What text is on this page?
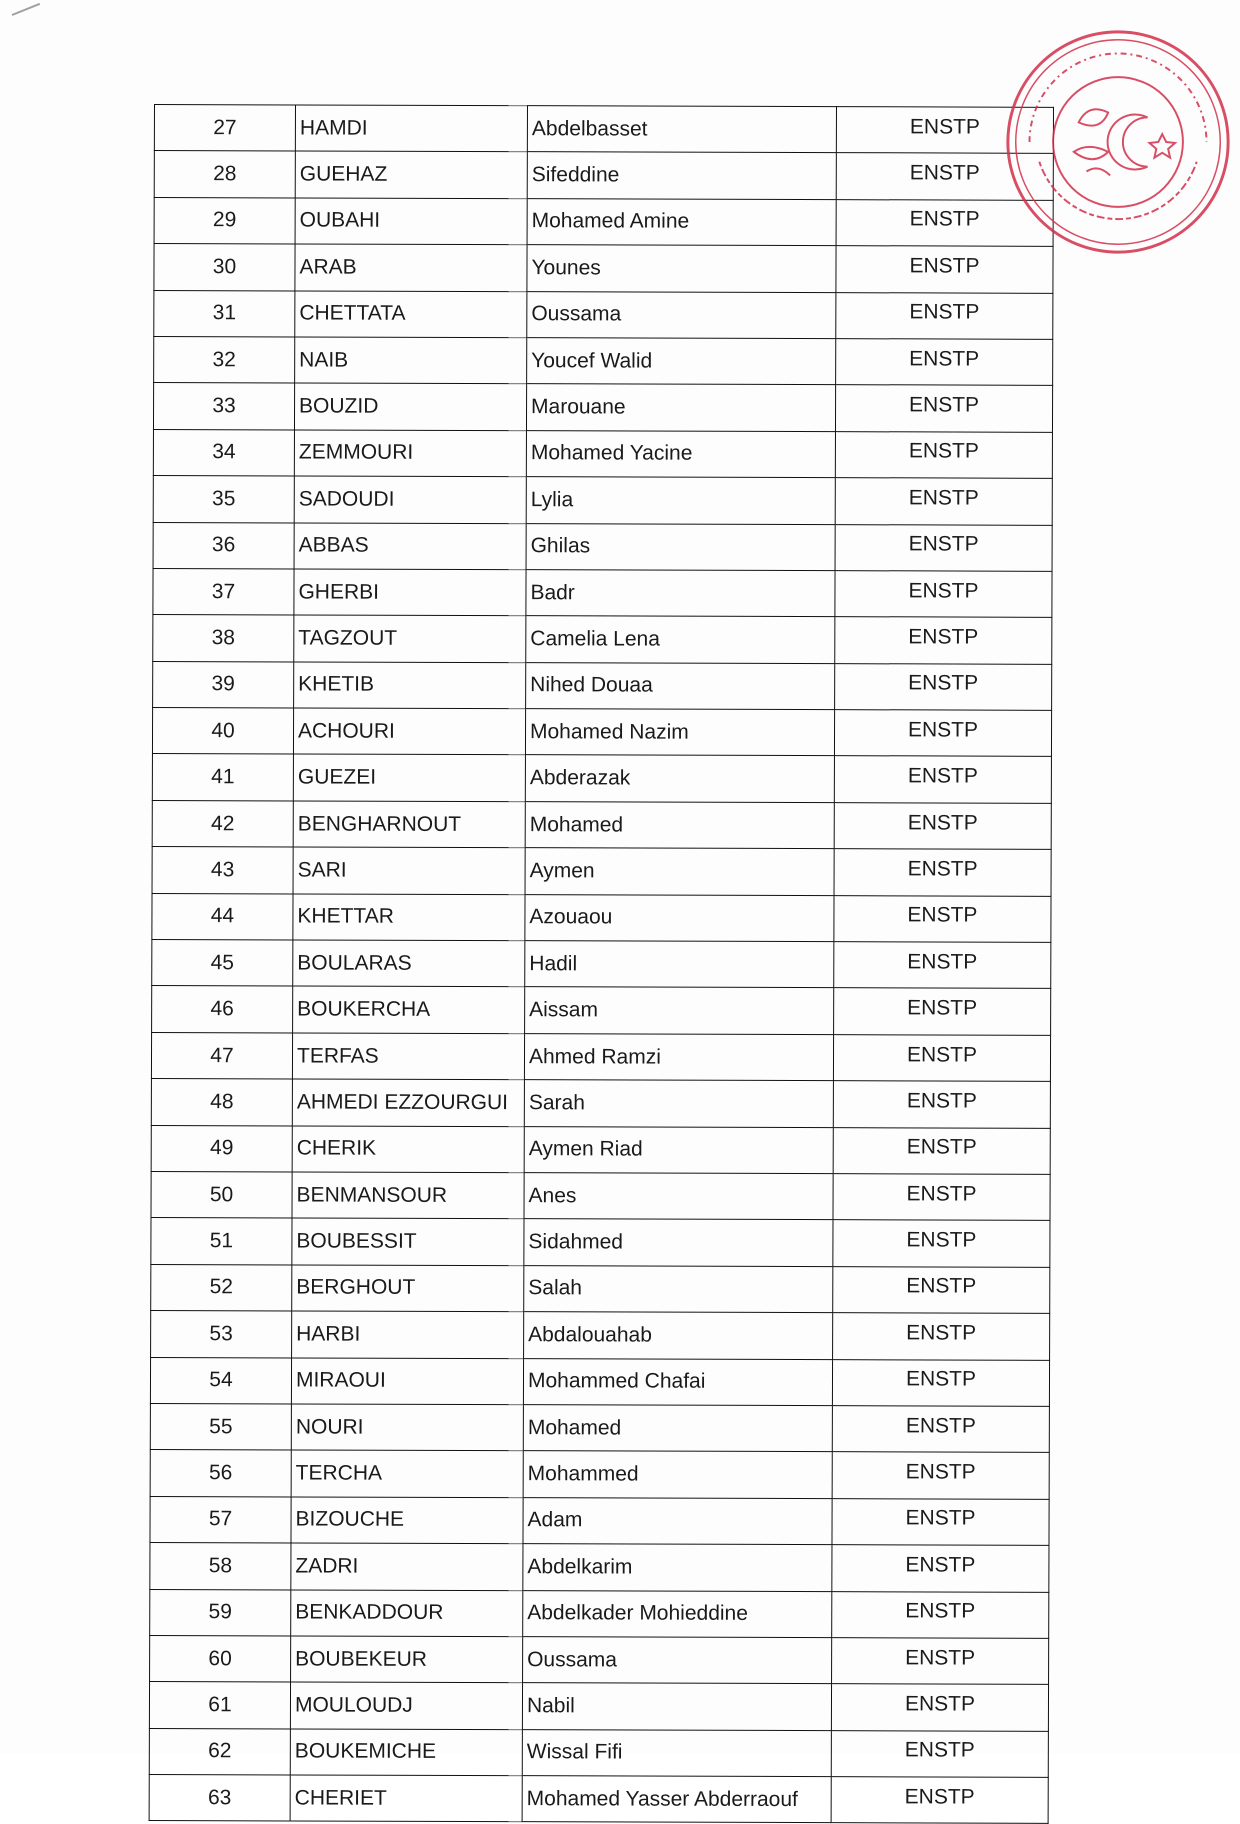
27	HAMDI	Abdelbasset	ENSTP
28	GUEHAZ	Sifeddine	ENSTP
29	OUBAHI	Mohamed Amine	ENSTP
30	ARAB	Younes	ENSTP
31	CHETTATA	Oussama	ENSTP
32	NAIB	Youcef Walid	ENSTP
33	BOUZID	Marouane	ENSTP
34	ZEMMOURI	Mohamed Yacine	ENSTP
35	SADOUDI	Lylia	ENSTP
36	ABBAS	Ghilas	ENSTP
37	GHERBI	Badr	ENSTP
38	TAGZOUT	Camelia Lena	ENSTP
39	KHETIB	Nihed Douaa	ENSTP
40	ACHOURI	Mohamed Nazim	ENSTP
41	GUEZEI	Abderazak	ENSTP
42	BENGHARNOUT	Mohamed	ENSTP
43	SARI	Aymen	ENSTP
44	KHETTAR	Azouaou	ENSTP
45	BOULARAS	Hadil	ENSTP
46	BOUKERCHA	Aissam	ENSTP
47	TERFAS	Ahmed Ramzi	ENSTP
48	AHMEDI EZZOURGUI	Sarah	ENSTP
49	CHERIK	Aymen Riad	ENSTP
50	BENMANSOUR	Anes	ENSTP
51	BOUBESSIT	Sidahmed	ENSTP
52	BERGHOUT	Salah	ENSTP
53	HARBI	Abdalouahab	ENSTP
54	MIRAOUI	Mohammed Chafai	ENSTP
55	NOURI	Mohamed	ENSTP
56	TERCHA	Mohammed	ENSTP
57	BIZOUCHE	Adam	ENSTP
58	ZADRI	Abdelkarim	ENSTP
59	BENKADDOUR	Abdelkader Mohieddine	ENSTP
60	BOUBEKEUR	Oussama	ENSTP
61	MOULOUDJ	Nabil	ENSTP
62	BOUKEMICHE	Wissal Fifi	ENSTP
63	CHERIET	Mohamed Yasser Abderraouf	ENSTP
